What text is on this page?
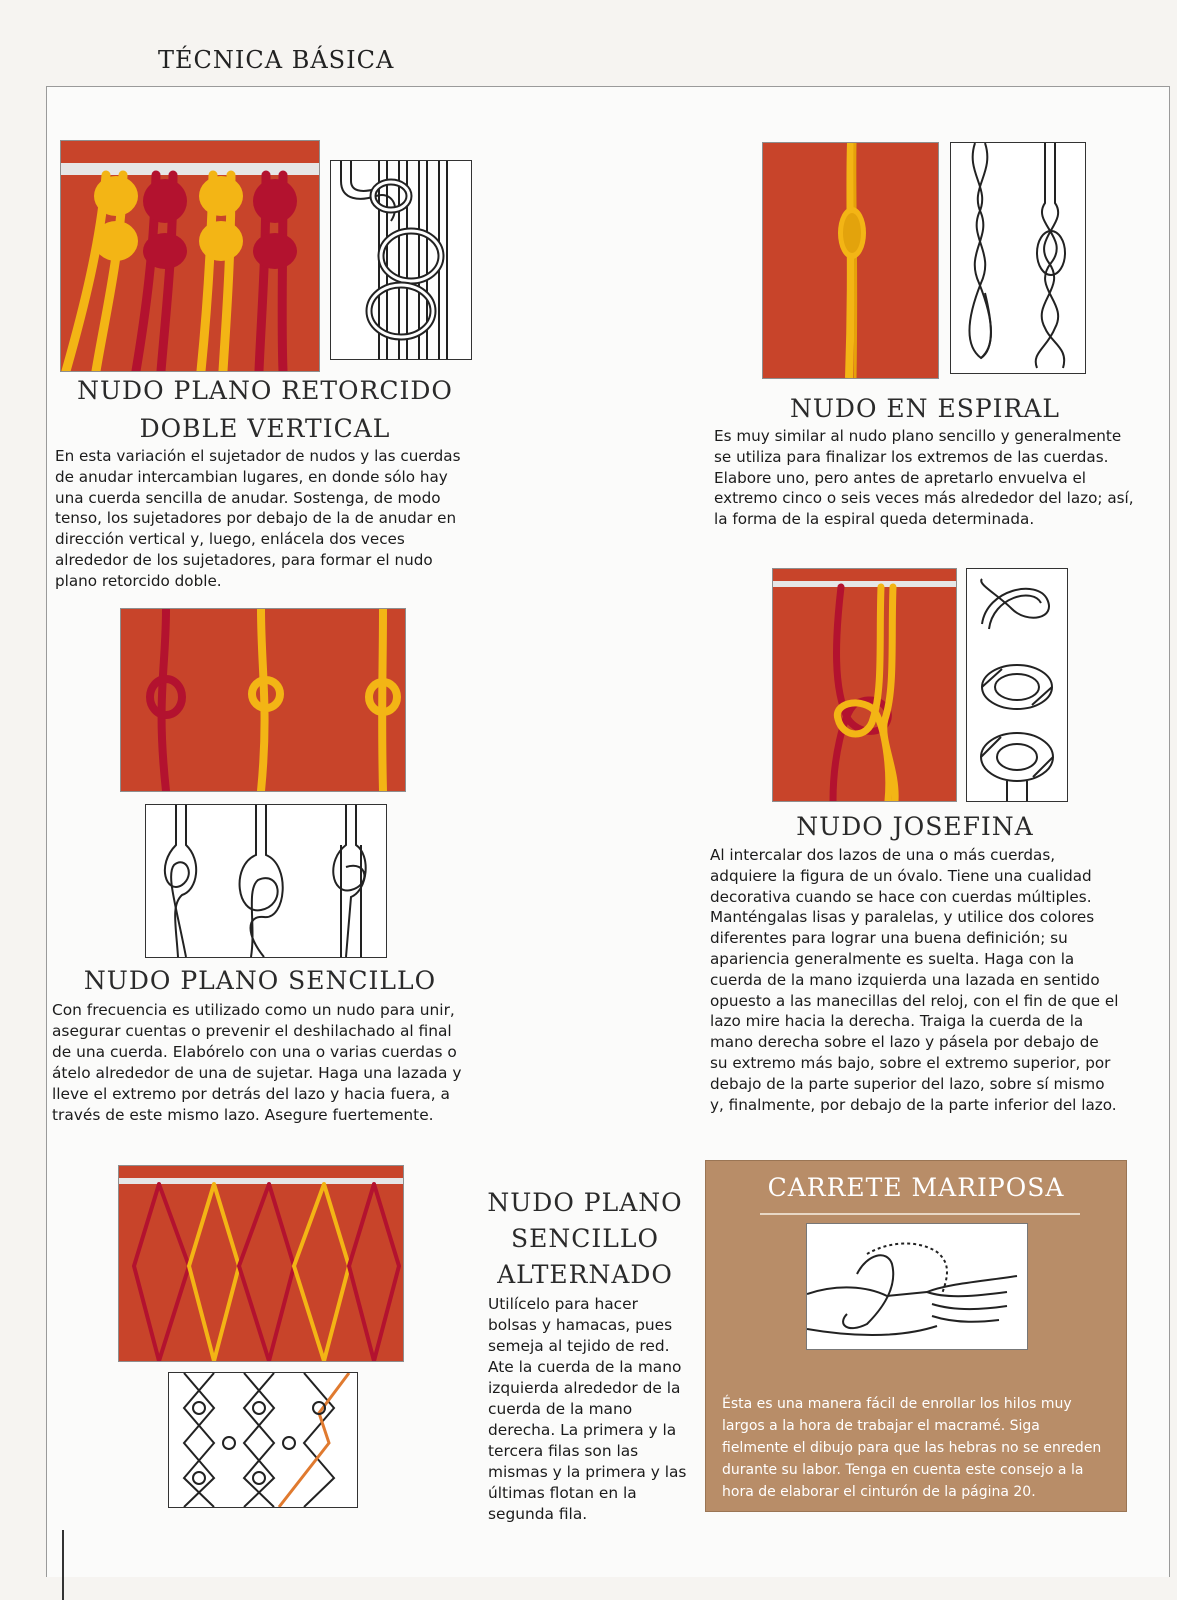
TÉCNICA BÁSICA
NUDO PLANO RETORCIDO
DOBLE VERTICAL
En esta variación el sujetador de nudos y las cuerdas de anudar intercambian lugares, en donde sólo hay una cuerda sencilla de anudar. Sostenga, de modo tenso, los sujetadores por debajo de la de anudar en dirección vertical y, luego, enlácela dos veces alrededor de los sujetadores, para formar el nudo plano retorcido doble.
NUDO EN ESPIRAL
Es muy similar al nudo plano sencillo y generalmente se utiliza para finalizar los extremos de las cuerdas. Elabore uno, pero antes de apretarlo envuelva el extremo cinco o seis veces más alrededor del lazo; así, la forma de la espiral queda determinada.
NUDO PLANO SENCILLO
Con frecuencia es utilizado como un nudo para unir, asegurar cuentas o prevenir el deshilachado al final de una cuerda. Elabórelo con una o varias cuerdas o átelo alrededor de una de sujetar. Haga una lazada y lleve el extremo por detrás del lazo y hacia fuera, a través de este mismo lazo. Asegure fuertemente.
NUDO JOSEFINA
Al intercalar dos lazos de una o más cuerdas, adquiere la figura de un óvalo. Tiene una cualidad decorativa cuando se hace con cuerdas múltiples. Manténgalas lisas y paralelas, y utilice dos colores diferentes para lograr una buena definición; su apariencia generalmente es suelta. Haga con la cuerda de la mano izquierda una lazada en sentido opuesto a las manecillas del reloj, con el fin de que el lazo mire hacia la derecha. Traiga la cuerda de la mano derecha sobre el lazo y pásela por debajo de su extremo más bajo, sobre el extremo superior, por debajo de la parte superior del lazo, sobre sí mismo y, finalmente, por debajo de la parte inferior del lazo.
NUDO PLANO
SENCILLO
ALTERNADO
Utilícelo para hacer bolsas y hamacas, pues semeja al tejido de red. Ate la cuerda de la mano izquierda alrededor de la cuerda de la mano derecha. La primera y la tercera filas son las mismas y la primera y las últimas flotan en la segunda fila.
CARRETE MARIPOSA
Ésta es una manera fácil de enrollar los hilos muy largos a la hora de trabajar el macramé. Siga fielmente el dibujo para que las hebras no se enreden durante su labor. Tenga en cuenta este consejo a la hora de elaborar el cinturón de la página 20.
